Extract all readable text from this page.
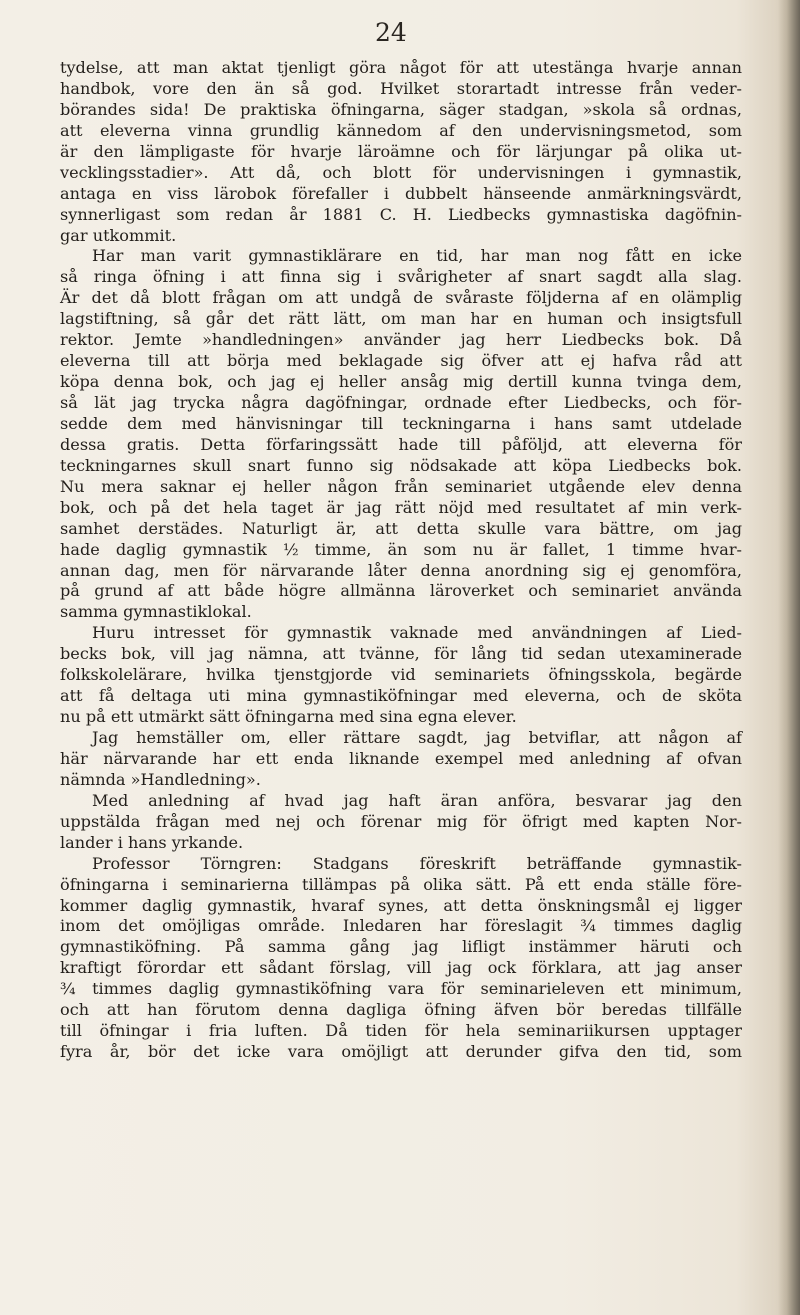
24
tydelse, att man aktat tjenligt göra något för att utestänga hvarje annan
handbok, vore den än så god. Hvilket storartadt intresse från veder-
börandes sida! De praktiska öfningarna, säger stadgan, »skola så ordnas,
att eleverna vinna grundlig kännedom af den undervisningsmetod, som
är den lämpligaste för hvarje läroämne och för lärjungar på olika ut-
vecklingsstadier». Att då, och blott för undervisningen i gymnastik,
antaga en viss lärobok förefaller i dubbelt hänseende anmärkningsvärdt,
synnerligast som redan år 1881 C. H. Liedbecks gymnastiska dagöfnin-
gar utkommit.
Har man varit gymnastiklärare en tid, har man nog fått en icke
så ringa öfning i att finna sig i svårigheter af snart sagdt alla slag.
Är det då blott frågan om att undgå de svåraste följderna af en olämplig
lagstiftning, så går det rätt lätt, om man har en human och insigtsfull
rektor. Jemte »handledningen» använder jag herr Liedbecks bok. Då
eleverna till att börja med beklagade sig öfver att ej hafva råd att
köpa denna bok, och jag ej heller ansåg mig dertill kunna tvinga dem,
så lät jag trycka några dagöfningar, ordnade efter Liedbecks, och för-
sedde dem med hänvisningar till teckningarna i hans samt utdelade
dessa gratis. Detta förfaringssätt hade till påföljd, att eleverna för
teckningarnes skull snart funno sig nödsakade att köpa Liedbecks bok.
Nu mera saknar ej heller någon från seminariet utgående elev denna
bok, och på det hela taget är jag rätt nöjd med resultatet af min verk-
samhet derstädes. Naturligt är, att detta skulle vara bättre, om jag
hade daglig gymnastik ½ timme, än som nu är fallet, 1 timme hvar-
annan dag, men för närvarande låter denna anordning sig ej genomföra,
på grund af att både högre allmänna läroverket och seminariet använda
samma gymnastiklokal.
Huru intresset för gymnastik vaknade med användningen af Lied-
becks bok, vill jag nämna, att tvänne, för lång tid sedan utexaminerade
folkskolelärare, hvilka tjenstgjorde vid seminariets öfningsskola, begärde
att få deltaga uti mina gymnastiköfningar med eleverna, och de sköta
nu på ett utmärkt sätt öfningarna med sina egna elever.
Jag hemställer om, eller rättare sagdt, jag betviflar, att någon af
här närvarande har ett enda liknande exempel med anledning af ofvan
nämnda »Handledning».
Med anledning af hvad jag haft äran anföra, besvarar jag den
uppstälda frågan med nej och förenar mig för öfrigt med kapten Nor-
lander i hans yrkande.
Professor Törngren: Stadgans föreskrift beträffande gymnastik-
öfningarna i seminarierna tillämpas på olika sätt. På ett enda ställe före-
kommer daglig gymnastik, hvaraf synes, att detta önskningsmål ej ligger
inom det omöjligas område. Inledaren har föreslagit ¾ timmes daglig
gymnastiköfning. På samma gång jag lifligt instämmer häruti och
kraftigt förordar ett sådant förslag, vill jag ock förklara, att jag anser
¾ timmes daglig gymnastiköfning vara för seminarieleven ett minimum,
och att han förutom denna dagliga öfning äfven bör beredas tillfälle
till öfningar i fria luften. Då tiden för hela seminariikursen upptager
fyra år, bör det icke vara omöjligt att derunder gifva den tid, som
